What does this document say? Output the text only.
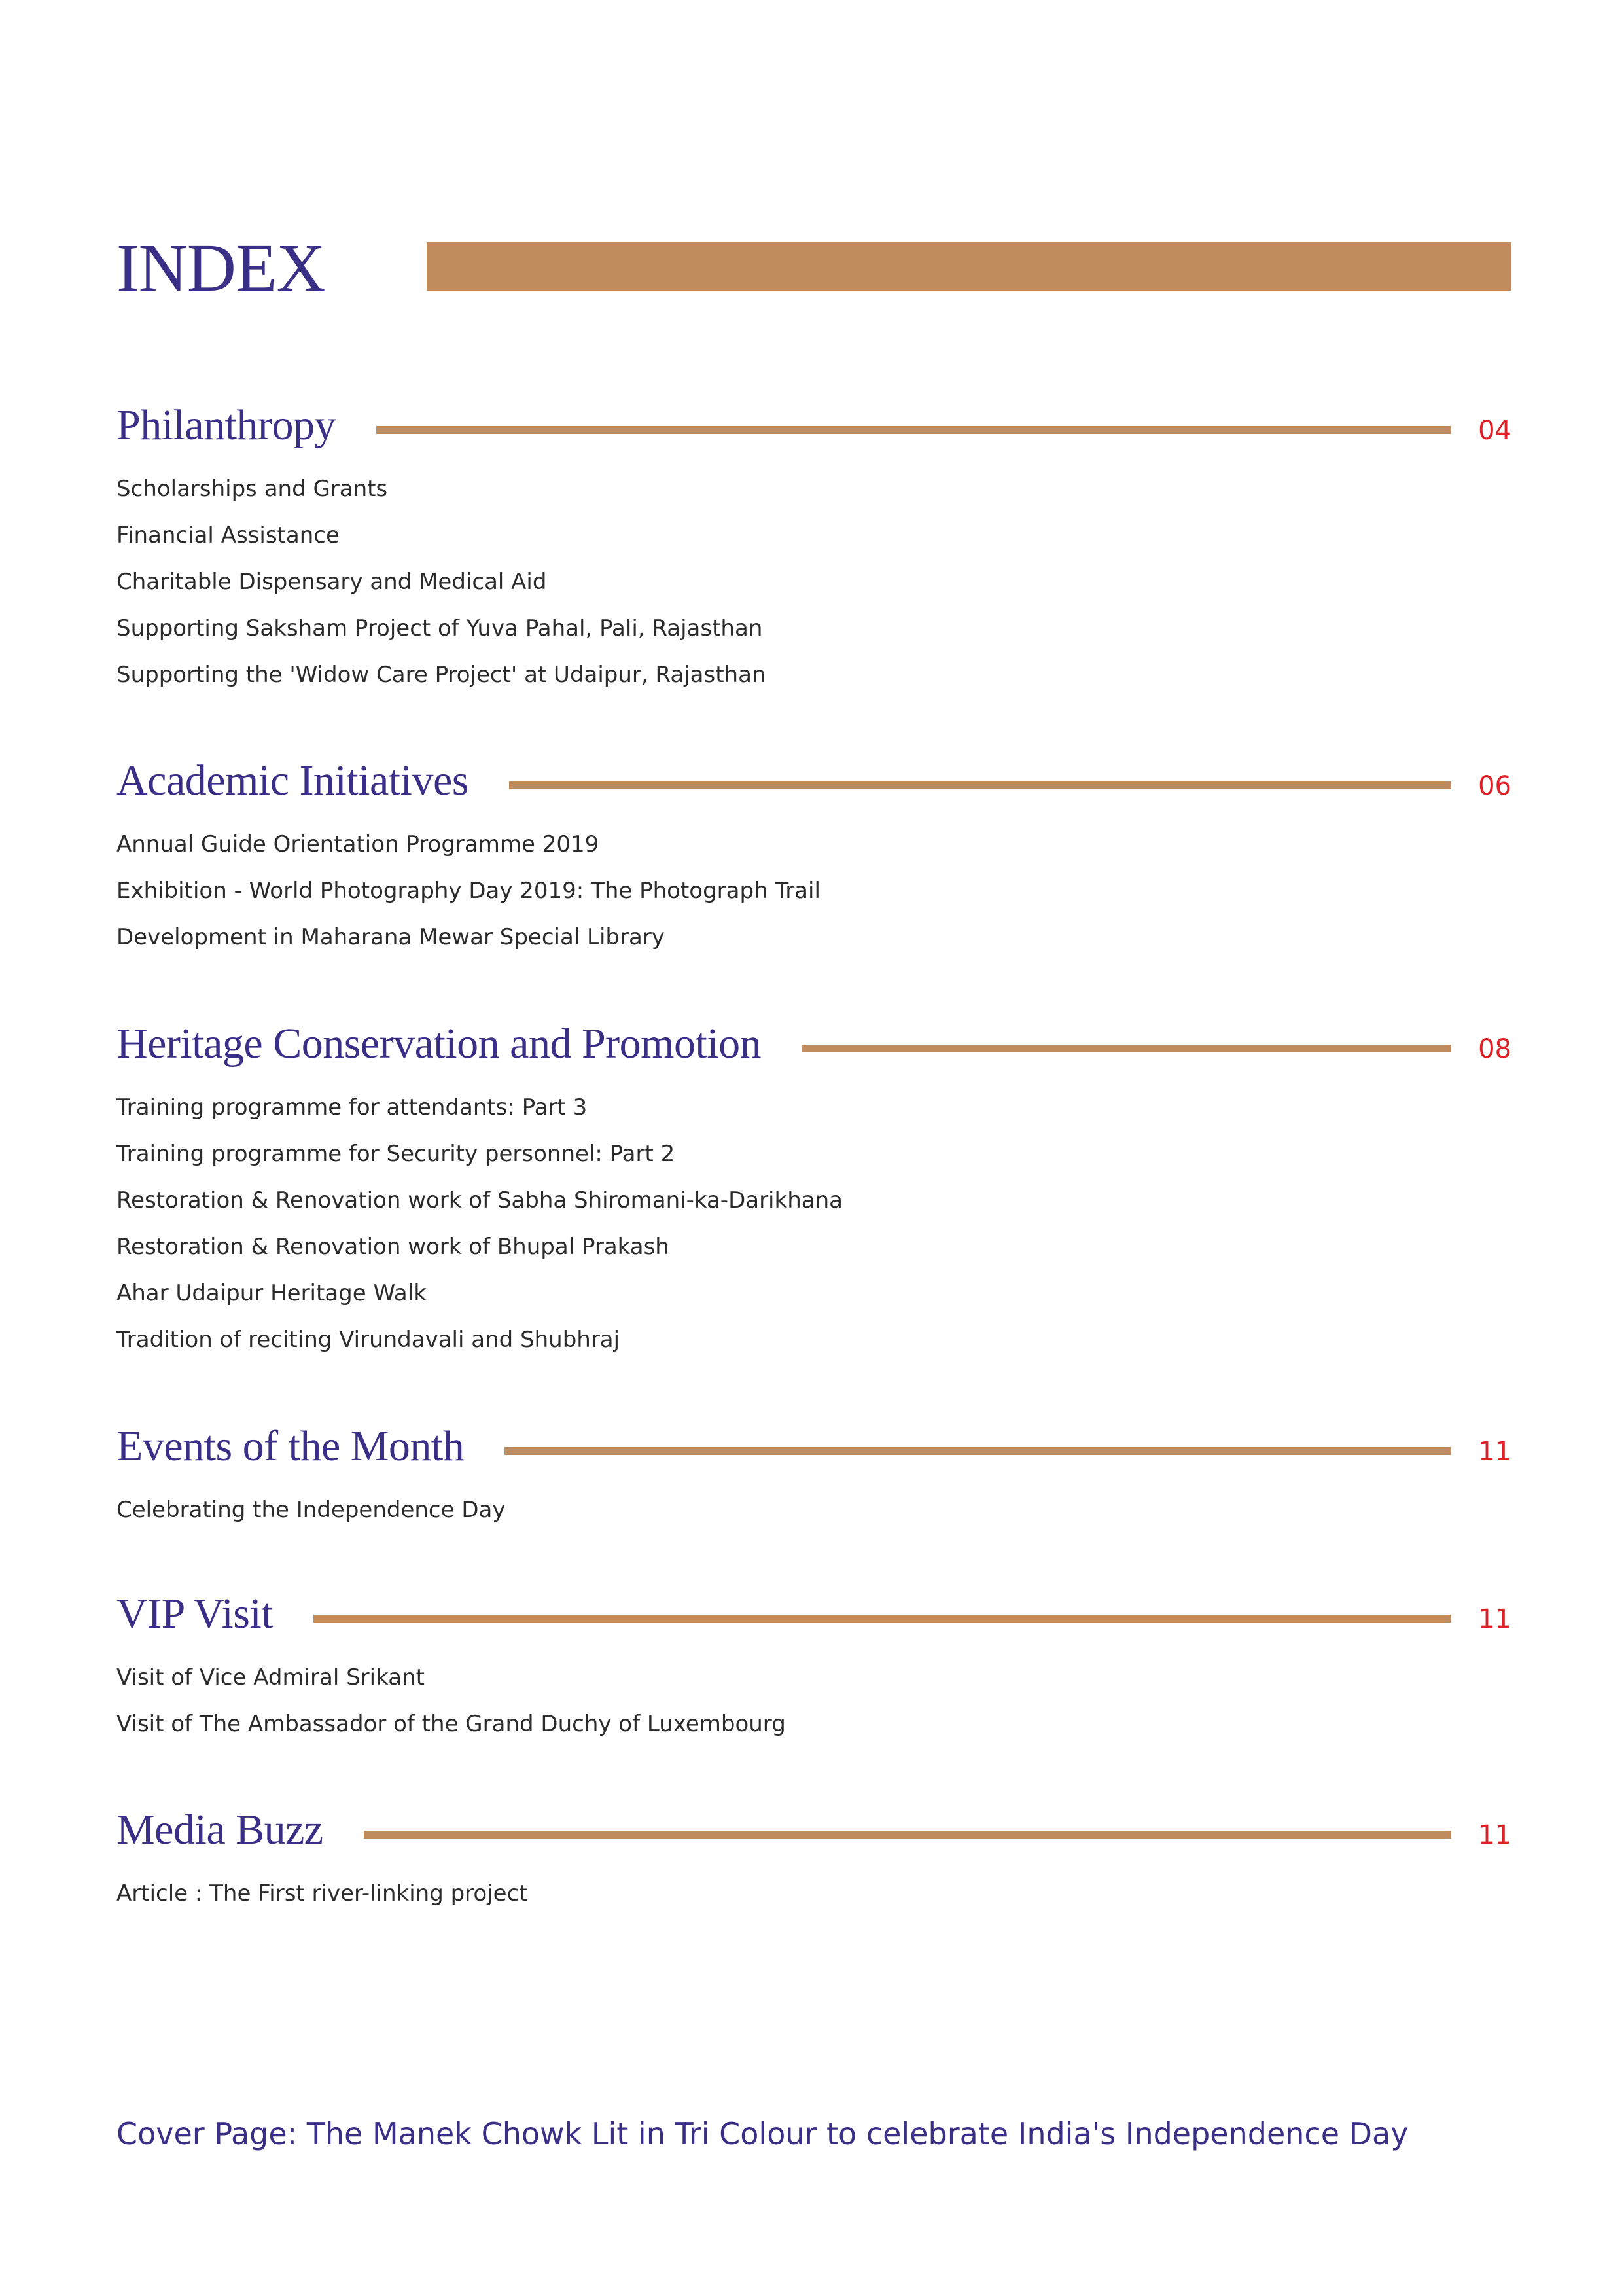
INDEX
Philanthropy	04
Scholarships and Grants
Financial Assistance
Charitable Dispensary and Medical Aid
Supporting Saksham Project of Yuva Pahal, Pali, Rajasthan
Supporting the 'Widow Care Project' at Udaipur, Rajasthan
Academic Initiatives	06
Annual Guide Orientation Programme 2019
Exhibition - World Photography Day 2019: The Photograph Trail
Development in Maharana Mewar Special Library
Heritage Conservation and Promotion	08
Training programme for attendants: Part 3
Training programme for Security personnel: Part 2
Restoration & Renovation work of Sabha Shiromani-ka-Darikhana
Restoration & Renovation work of Bhupal Prakash
Ahar Udaipur Heritage Walk
Tradition of reciting Virundavali and Shubhraj
Events of the Month	11
Celebrating the Independence Day
VIP Visit	11
Visit of Vice Admiral Srikant
Visit of The Ambassador of the Grand Duchy of Luxembourg
Media Buzz	11
Article : The First river-linking project
Cover Page: The Manek Chowk Lit in Tri Colour to celebrate India's Independence Day
